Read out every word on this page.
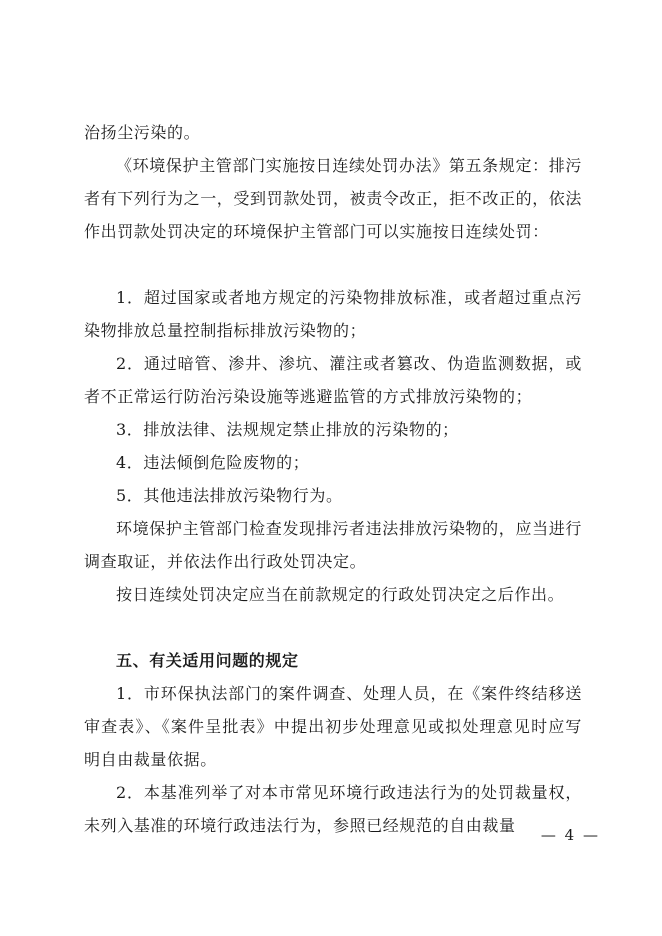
治扬尘污染的。
《环境保护主管部门实施按日连续处罚办法》第五条规定：排污者有下列行为之一，受到罚款处罚，被责令改正，拒不改正的，依法作出罚款处罚决定的环境保护主管部门可以实施按日连续处罚：
1．超过国家或者地方规定的污染物排放标准，或者超过重点污染物排放总量控制指标排放污染物的；
2．通过暗管、渗井、渗坑、灌注或者篡改、伪造监测数据，或者不正常运行防治污染设施等逃避监管的方式排放污染物的；
3．排放法律、法规规定禁止排放的污染物的；
4．违法倾倒危险废物的；
5．其他违法排放污染物行为。
环境保护主管部门检查发现排污者违法排放污染物的，应当进行调查取证，并依法作出行政处罚决定。
按日连续处罚决定应当在前款规定的行政处罚决定之后作出。
五、有关适用问题的规定
1．市环保执法部门的案件调查、处理人员，在《案件终结移送审查表》、《案件呈批表》中提出初步处理意见或拟处理意见时应写明自由裁量依据。
2．本基准列举了对本市常见环境行政违法行为的处罚裁量权，未列入基准的环境行政违法行为，参照已经规范的自由裁量	— 4 —
